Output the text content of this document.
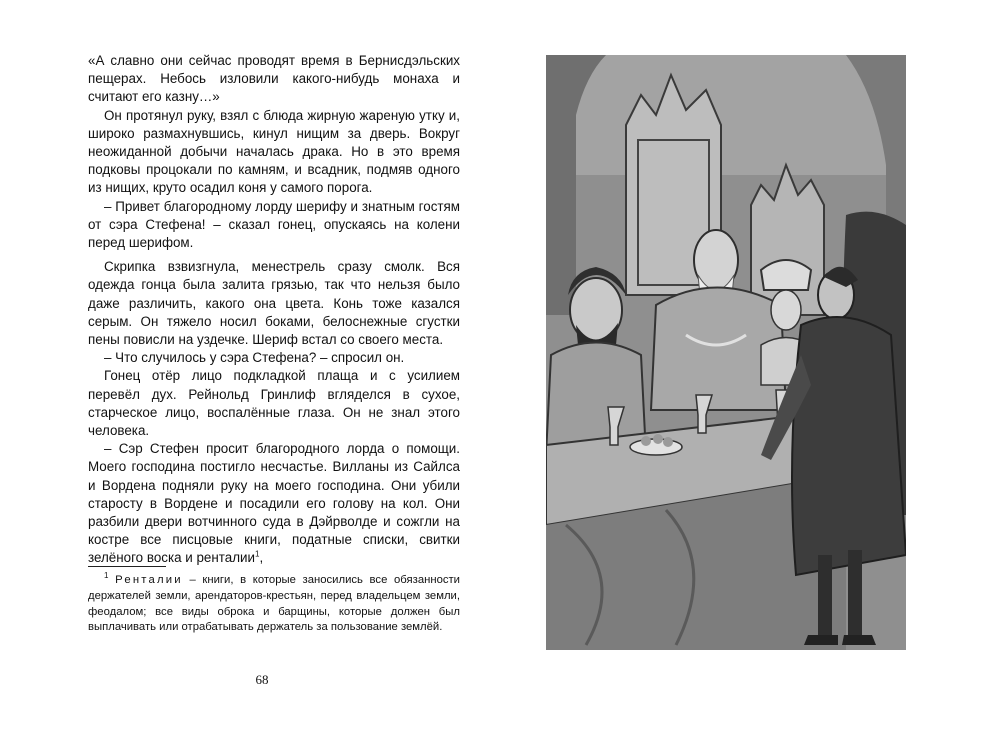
«А славно они сейчас проводят время в Бернисдэльских пещерах. Небось изловили какого-нибудь монаха и считают его казну…»

Он протянул руку, взял с блюда жирную жареную утку и, широко размахнувшись, кинул нищим за дверь. Вокруг неожиданной добычи началась драка. Но в это время подковы процокали по камням, и всадник, подмяв одного из нищих, круто осадил коня у самого порога.

– Привет благородному лорду шерифу и знатным гостям от сэра Стефена! – сказал гонец, опускаясь на колени перед шерифом.

Скрипка взвизгнула, менестрель сразу смолк. Вся одежда гонца была залита грязью, так что нельзя было даже различить, какого она цвета. Конь тоже казался серым. Он тяжело носил боками, белоснежные сгустки пены повисли на уздечке. Шериф встал со своего места.

– Что случилось у сэра Стефена? – спросил он.

Гонец отёр лицо подкладкой плаща и с усилием перевёл дух. Рейнольд Гринлиф вгляделся в сухое, старческое лицо, воспалённые глаза. Он не знал этого человека.

– Сэр Стефен просит благородного лорда о помощи. Моего господина постигло несчастье. Вилланы из Сайлса и Вордена подняли руку на моего господина. Они убили старосту в Вордене и посадили его голову на кол. Они разбили двери вотчинного суда в Дэйрволде и сожгли на костре все писцовые книги, податные списки, свитки зелёного воска и ренталии$^1$,

$^1$ Ренталии – книги, в которые заносились все обязанности держателей земли, арендаторов-крестьян, перед владельцем земли, феодалом; все виды оброка и барщины, которые должен был выплачивать или отрабатывать держатель за пользование землёй.

68
